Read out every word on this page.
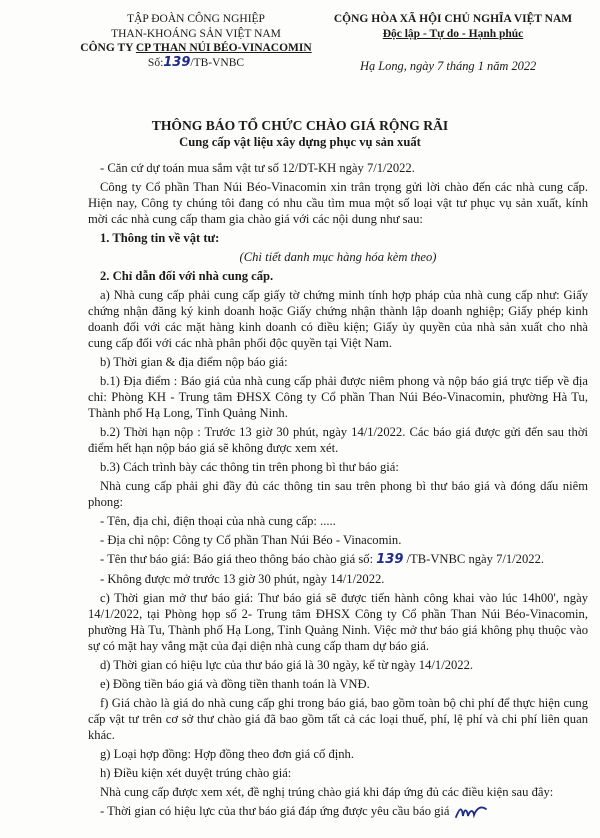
TẬP ĐOÀN CÔNG NGHIỆP
THAN-KHOÁNG SẢN VIỆT NAM
CÔNG TY CP THAN NÚI BÉO-VINACOMIN
Số:139/TB-VNBC
CỘNG HÒA XÃ HỘI CHỦ NGHĨA VIỆT NAM
Độc lập - Tự do - Hạnh phúc
Hạ Long, ngày 7 tháng 1 năm 2022
THÔNG BÁO TỔ CHỨC CHÀO GIÁ RỘNG RÃI
Cung cấp vật liệu xây dựng phục vụ sản xuất

- Căn cứ dự toán mua sắm vật tư số 12/DT-KH ngày 7/1/2022.

Công ty Cổ phần Than Núi Béo-Vinacomin xin trân trọng gửi lời chào đến các nhà cung cấp. Hiện nay, Công ty chúng tôi đang có nhu cầu tìm mua một số loại vật tư phục vụ sản xuất, kính mời các nhà cung cấp tham gia chào giá với các nội dung như sau:

1. Thông tin về vật tư:

(Chi tiết danh mục hàng hóa kèm theo)

2. Chỉ dẫn đối với nhà cung cấp.

a) Nhà cung cấp phải cung cấp giấy tờ chứng minh tính hợp pháp của nhà cung cấp như: Giấy chứng nhận đăng ký kinh doanh hoặc Giấy chứng nhận thành lập doanh nghiệp; Giấy phép kinh doanh đối với các mặt hàng kinh doanh có điều kiện; Giấy ủy quyền của nhà sản xuất cho nhà cung cấp đối với các nhà phân phối độc quyền tại Việt Nam.

b) Thời gian & địa điểm nộp báo giá:

b.1) Địa điểm : Báo giá của nhà cung cấp phải được niêm phong và nộp báo giá trực tiếp về địa chỉ: Phòng KH - Trung tâm ĐHSX Công ty Cổ phần Than Núi Béo-Vinacomin, phường Hà Tu, Thành phố Hạ Long, Tỉnh Quảng Ninh.

b.2) Thời hạn nộp : Trước 13 giờ 30 phút, ngày 14/1/2022. Các báo giá được gửi đến sau thời điểm hết hạn nộp báo giá sẽ không được xem xét.

b.3) Cách trình bày các thông tin trên phong bì thư báo giá:

Nhà cung cấp phải ghi đầy đủ các thông tin sau trên phong bì thư báo giá và đóng dấu niêm phong:

- Tên, địa chỉ, điện thoại của nhà cung cấp: .....

- Địa chỉ nộp: Công ty Cổ phần Than Núi Béo - Vinacomin.

- Tên thư báo giá: Báo giá theo thông báo chào giá số: 139 /TB-VNBC ngày 7/1/2022.

- Không được mở trước 13 giờ 30 phút, ngày 14/1/2022.

c) Thời gian mở thư báo giá: Thư báo giá sẽ được tiến hành công khai vào lúc 14h00', ngày 14/1/2022, tại Phòng họp số 2- Trung tâm ĐHSX Công ty Cổ phần Than Núi Béo-Vinacomin, phường Hà Tu, Thành phố Hạ Long, Tỉnh Quảng Ninh. Việc mở thư báo giá không phụ thuộc vào sự có mặt hay vắng mặt của đại diện nhà cung cấp tham dự báo giá.

d) Thời gian có hiệu lực của thư báo giá là 30 ngày, kể từ ngày 14/1/2022.

e) Đồng tiền báo giá và đồng tiền thanh toán là VNĐ.

f) Giá chào là giá do nhà cung cấp ghi trong báo giá, bao gồm toàn bộ chi phí để thực hiện cung cấp vật tư trên cơ sở thư chào giá đã bao gồm tất cả các loại thuế, phí, lệ phí và chi phí liên quan khác.

g) Loại hợp đồng: Hợp đồng theo đơn giá cố định.

h) Điều kiện xét duyệt trúng chào giá:

Nhà cung cấp được xem xét, đề nghị trúng chào giá khi đáp ứng đủ các điều kiện sau đây:

- Thời gian có hiệu lực của thư báo giá đáp ứng được yêu cầu báo giá
